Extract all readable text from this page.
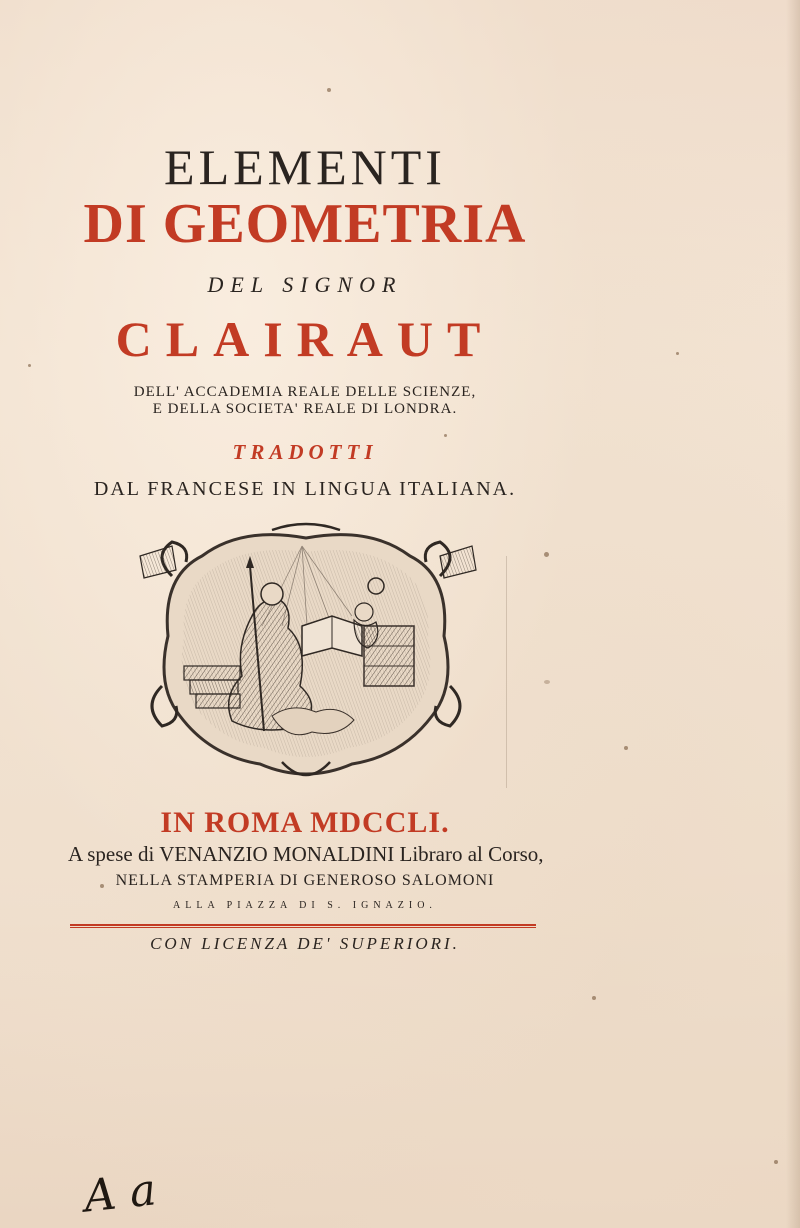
ELEMENTI
DI GEOMETRIA
DEL SIGNOR
CLAIRAUT
DELL' ACCADEMIA REALE DELLE SCIENZE,
E DELLA SOCIETA' REALE DI LONDRA.
TRADOTTI
DAL FRANCESE IN LINGUA ITALIANA.
IN ROMA MDCCLI.
A spese di VENANZIO MONALDINI Libraro al Corso,
NELLA STAMPERIA DI GENEROSO SALOMONI
ALLA PIAZZA DI S. IGNAZIO.
CON LICENZA DE' SUPERIORI.
A a
